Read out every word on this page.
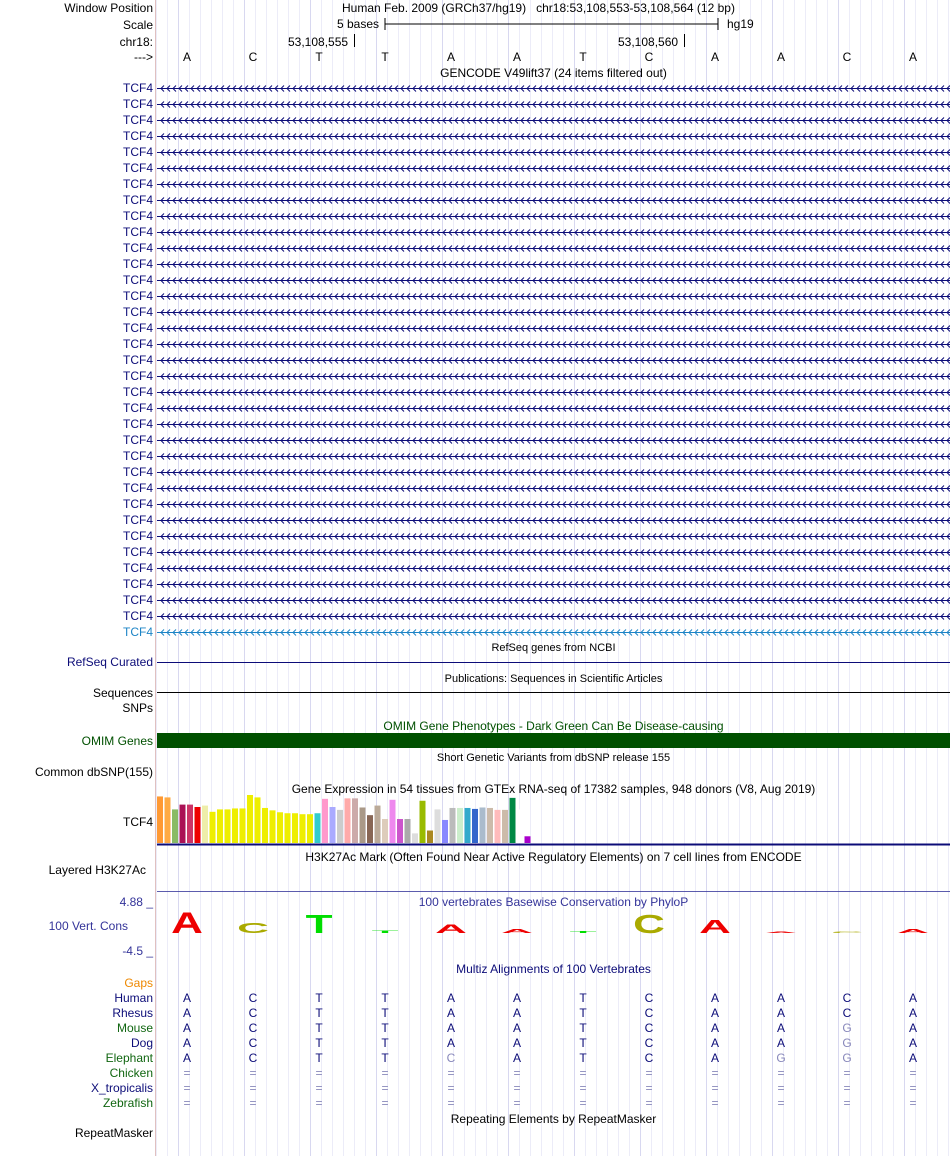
Window Position
Scale
chr18:
--->
Human Feb. 2009 (GRCh37/hg19) chr18:53,108,553-53,108,564 (12 bp)
5 bases	hg19
53,108,555	53,108,560
A	C	T	T	A	A	T	C	A	A	C	A
GENCODE V49lift37 (24 items filtered out)
TCF4
TCF4
TCF4
TCF4
TCF4
TCF4
TCF4
TCF4
TCF4
TCF4
TCF4
TCF4
TCF4
TCF4
TCF4
TCF4
TCF4
TCF4
TCF4
TCF4
TCF4
TCF4
TCF4
TCF4
TCF4
TCF4
TCF4
TCF4
TCF4
TCF4
TCF4
TCF4
TCF4
TCF4
TCF4
RefSeq genes from NCBI
RefSeq Curated
Publications: Sequences in Scientific Articles
Sequences
SNPs
OMIM Gene Phenotypes - Dark Green Can Be Disease-causing
OMIM Genes
Short Genetic Variants from dbSNP release 155
Common dbSNP(155)
Gene Expression in 54 tissues from GTEx RNA-seq of 17382 samples, 948 donors (V8, Aug 2019)
TCF4
H3K27Ac Mark (Often Found Near Active Regulatory Elements) on 7 cell lines from ENCODE
Layered H3K27Ac
100 vertebrates Basewise Conservation by PhyloP
4.88 _
100 Vert. Cons
-4.5 _
A C T T A A T C A A C A
Multiz Alignments of 100 Vertebrates
Gaps
Human	A	C	T	T	A	A	T	C	A	A	C	A
Rhesus	A	C	T	T	A	A	T	C	A	A	C	A
Mouse	A	C	T	T	A	A	T	C	A	A	G	A
Dog	A	C	T	T	A	A	T	C	A	A	G	A
Elephant	A	C	T	T	C	A	T	C	A	G	G	A
Chicken	=	=	=	=	=	=	=	=	=	=	=	=
X_tropicalis	=	=	=	=	=	=	=	=	=	=	=	=
Zebrafish	=	=	=	=	=	=	=	=	=	=	=	=
Repeating Elements by RepeatMasker
RepeatMasker
